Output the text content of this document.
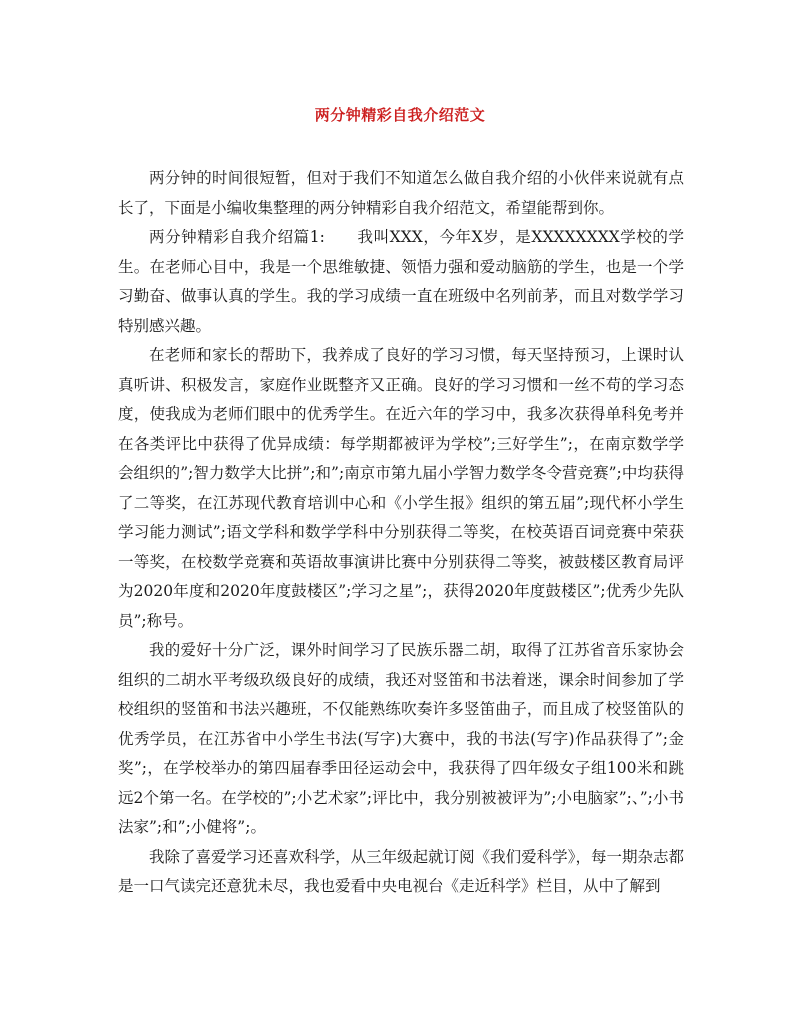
两分钟精彩自我介绍范文

两分钟的时间很短暂，但对于我们不知道怎么做自我介绍的小伙伴来说就有点长了，下面是小编收集整理的两分钟精彩自我介绍范文，希望能帮到你。

两分钟精彩自我介绍篇1:　　我叫XXX，今年X岁，是XXXXXXXX学校的学生。在老师心目中，我是一个思维敏捷、领悟力强和爱动脑筋的学生，也是一个学习勤奋、做事认真的学生。我的学习成绩一直在班级中名列前茅，而且对数学学习特别感兴趣。

在老师和家长的帮助下，我养成了良好的学习习惯，每天坚持预习，上课时认真听讲、积极发言，家庭作业既整齐又正确。良好的学习习惯和一丝不苟的学习态度，使我成为老师们眼中的优秀学生。在近六年的学习中，我多次获得单科免考并在各类评比中获得了优异成绩：每学期都被评为学校”;三好学生”;，在南京数学学会组织的”;智力数学大比拼”;和”;南京市第九届小学智力数学冬令营竞赛”;中均获得了二等奖，在江苏现代教育培训中心和《小学生报》组织的第五届”;现代杯小学生学习能力测试”;语文学科和数学学科中分别获得二等奖，在校英语百词竞赛中荣获一等奖，在校数学竞赛和英语故事演讲比赛中分别获得二等奖，被鼓楼区教育局评为2020年度和2020年度鼓楼区”;学习之星”;，获得2020年度鼓楼区”;优秀少先队员”;称号。

我的爱好十分广泛，课外时间学习了民族乐器二胡，取得了江苏省音乐家协会组织的二胡水平考级玖级良好的成绩，我还对竖笛和书法着迷，课余时间参加了学校组织的竖笛和书法兴趣班，不仅能熟练吹奏许多竖笛曲子，而且成了校竖笛队的优秀学员，在江苏省中小学生书法(写字)大赛中，我的书法(写字)作品获得了”;金奖”;，在学校举办的第四届春季田径运动会中，我获得了四年级女子组100米和跳远2个第一名。在学校的”;小艺术家”;评比中，我分别被被评为”;小电脑家”;、”;小书法家”;和”;小健将”;。

我除了喜爱学习还喜欢科学，从三年级起就订阅《我们爱科学》，每一期杂志都是一口气读完还意犹未尽，我也爱看中央电视台《走近科学》栏目，从中了解到
